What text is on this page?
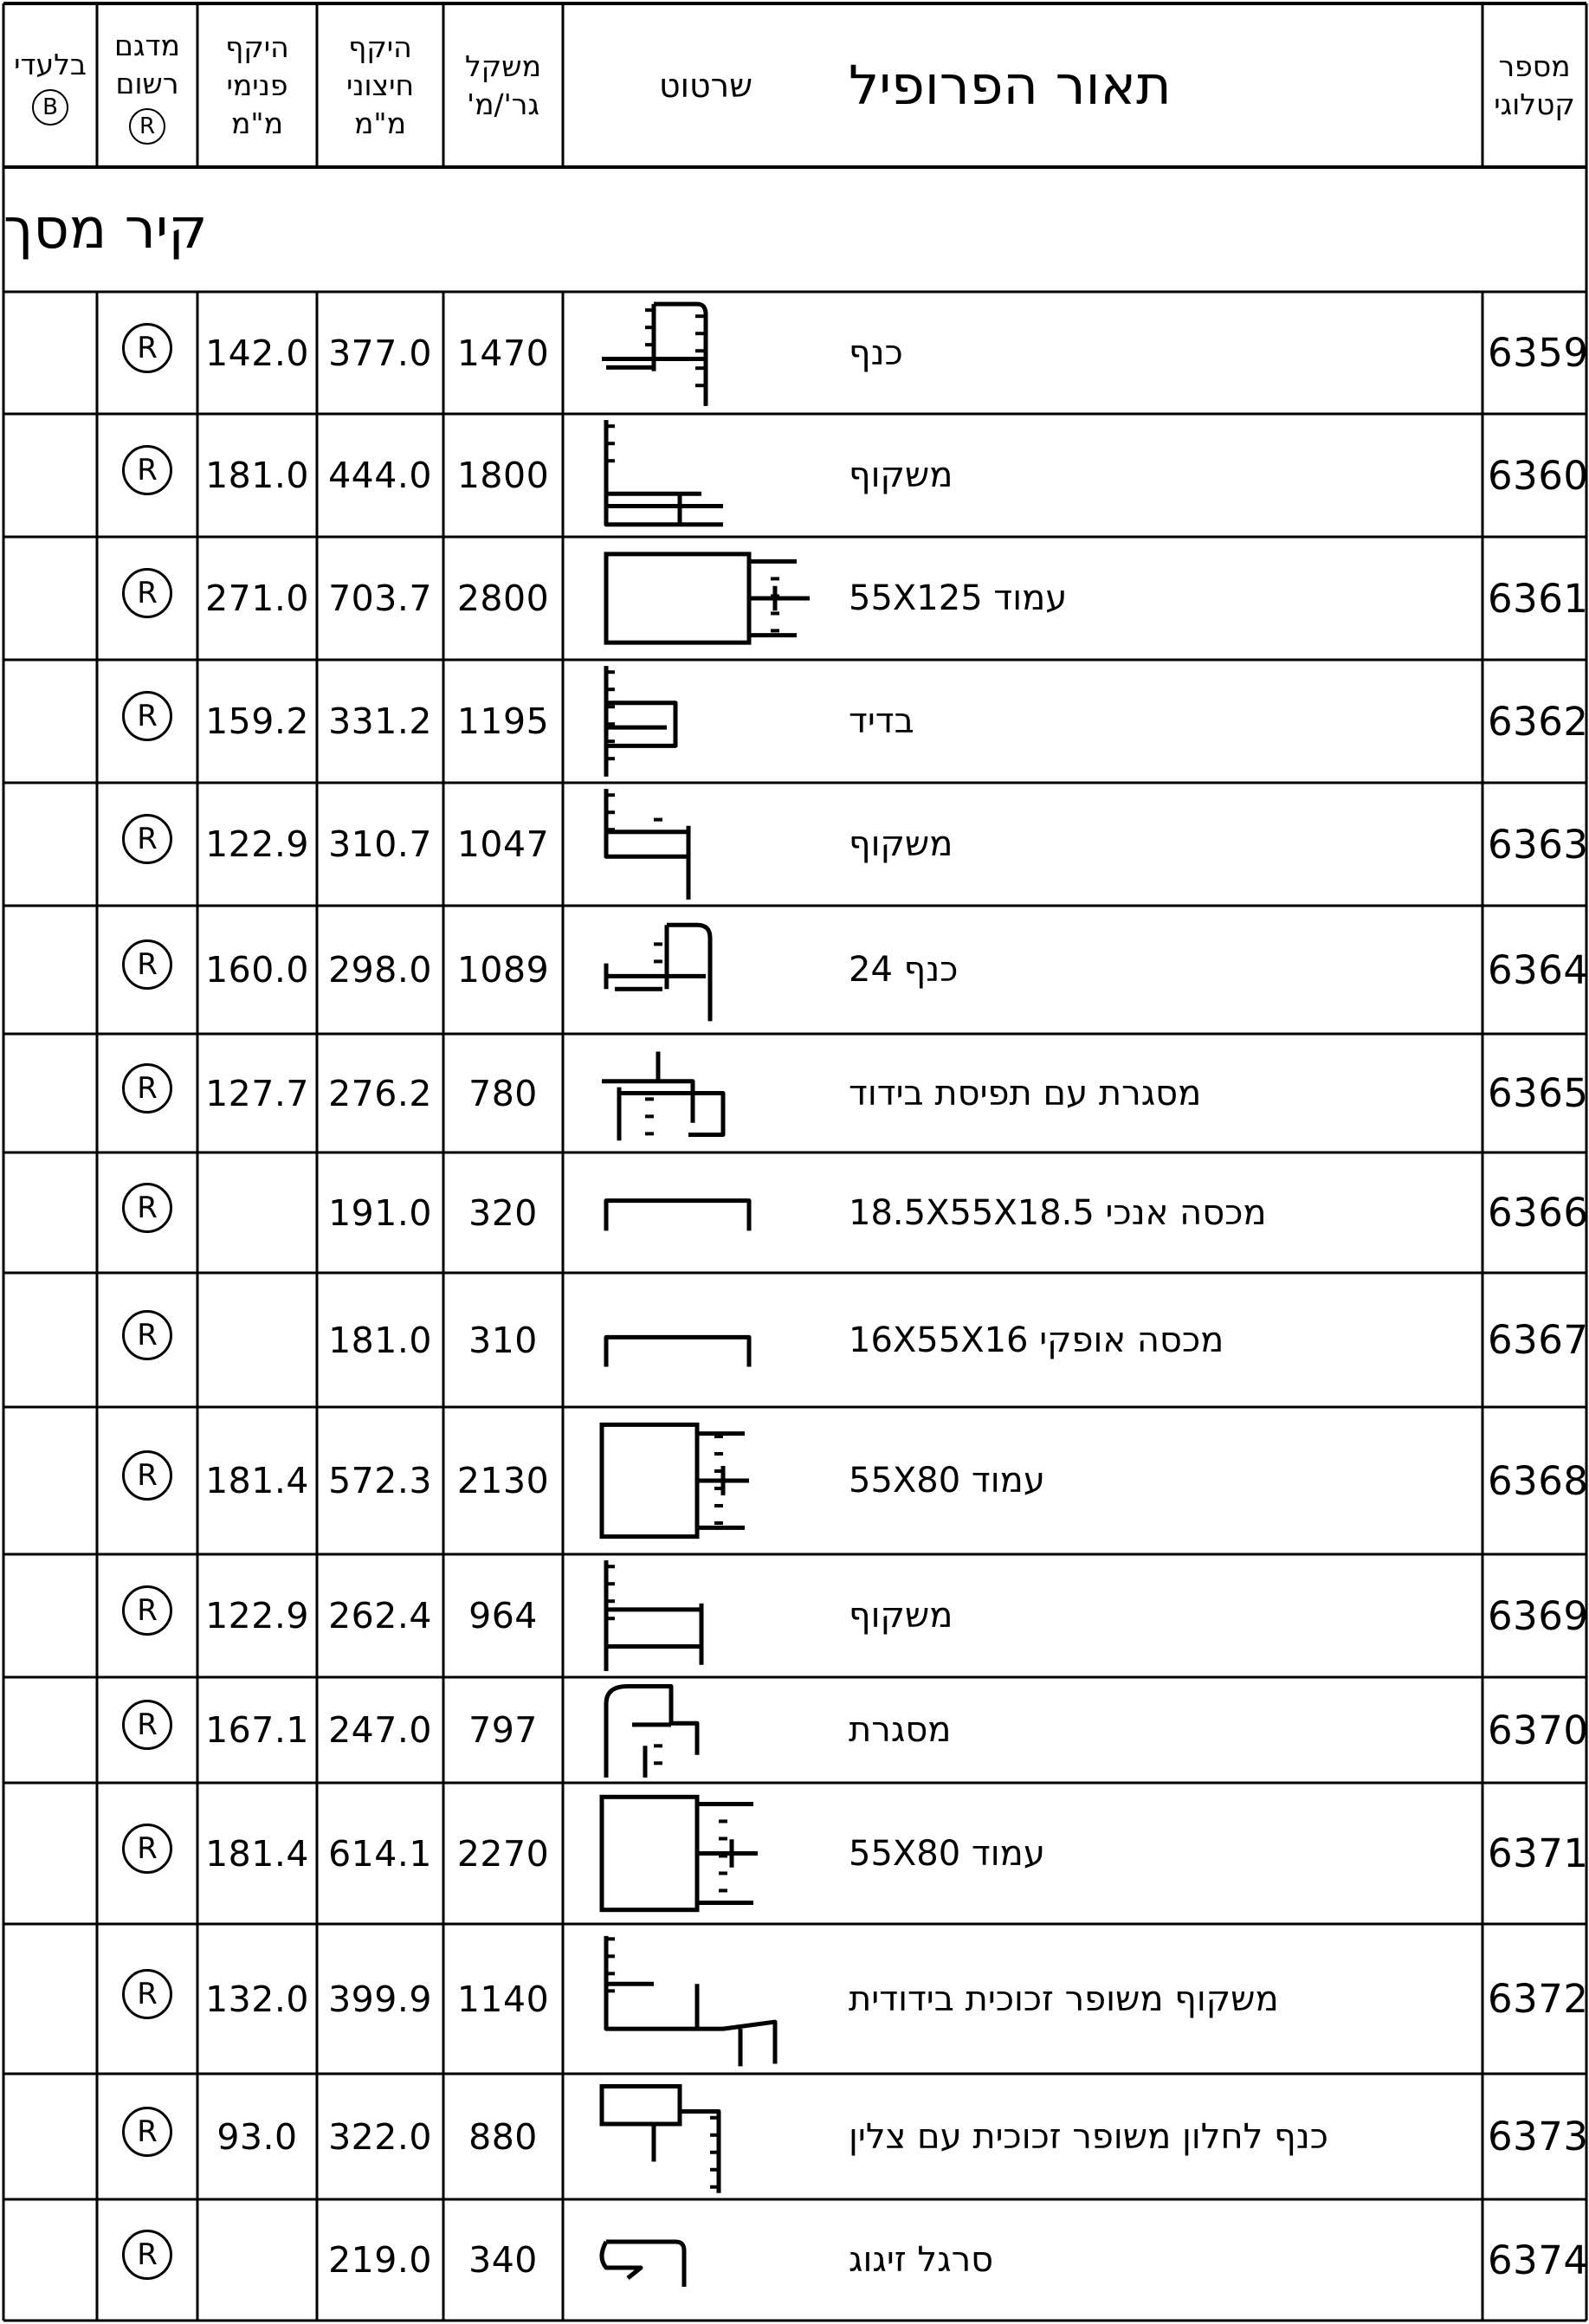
מספר
קטלוגי
תאור הפרופיל
שרטוט
משקל
גר'/מ'
היקף
חיצוני
מ"מ
היקף
פנימי
מ"מ
מדגם
רשום
R
בלעדי
B
קיר מסך
6359
כנף
1470
377.0
142.0
R
6360
משקוף
1800
444.0
181.0
R
6361
עמוד 55X125
2800
703.7
271.0
R
6362
בדיד
1195
331.2
159.2
R
6363
משקוף
1047
310.7
122.9
R
6364
כנף 24
1089
298.0
160.0
R
6365
מסגרת עם תפיסת בידוד
780
276.2
127.7
R
6366
מכסה אנכי 18.5X55X18.5
320
191.0
R
6367
מכסה אופקי 16X55X16
310
181.0
R
6368
עמוד 55X80
2130
572.3
181.4
R
6369
משקוף
964
262.4
122.9
R
6370
מסגרת
797
247.0
167.1
R
6371
עמוד 55X80
2270
614.1
181.4
R
6372
משקוף משופר זכוכית בידודית
1140
399.9
132.0
R
6373
כנף לחלון משופר זכוכית עם צלין
880
322.0
93.0
R
6374
סרגל זיגוג
340
219.0
R
